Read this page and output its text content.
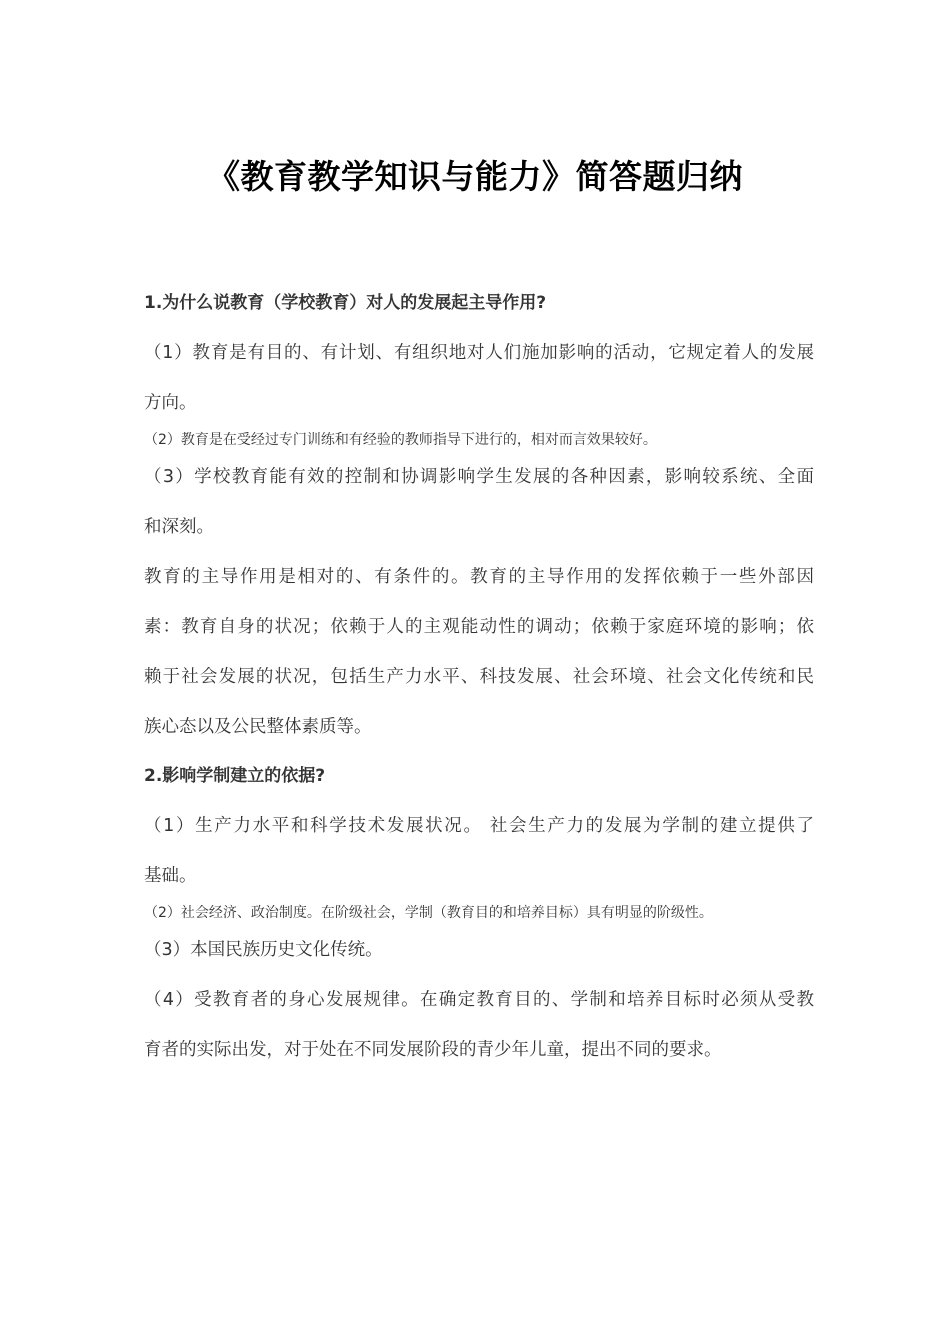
《教育教学知识与能力》简答题归纳

1.为什么说教育（学校教育）对人的发展起主导作用?

（1）教育是有目的、有计划、有组织地对人们施加影响的活动，它规定着人的发展

方向。

（2）教育是在受经过专门训练和有经验的教师指导下进行的，相对而言效果较好。

（3）学校教育能有效的控制和协调影响学生发展的各种因素，影响较系统、全面

和深刻。

教育的主导作用是相对的、有条件的。教育的主导作用的发挥依赖于一些外部因

素：教育自身的状况；依赖于人的主观能动性的调动；依赖于家庭环境的影响；依

赖于社会发展的状况，包括生产力水平、科技发展、社会环境、社会文化传统和民

族心态以及公民整体素质等。

2.影响学制建立的依据?

（1）生产力水平和科学技术发展状况。 社会生产力的发展为学制的建立提供了

基础。

（2）社会经济、政治制度。在阶级社会，学制（教育目的和培养目标）具有明显的阶级性。

（3）本国民族历史文化传统。

（4）受教育者的身心发展规律。在确定教育目的、学制和培养目标时必须从受教

育者的实际出发，对于处在不同发展阶段的青少年儿童，提出不同的要求。
